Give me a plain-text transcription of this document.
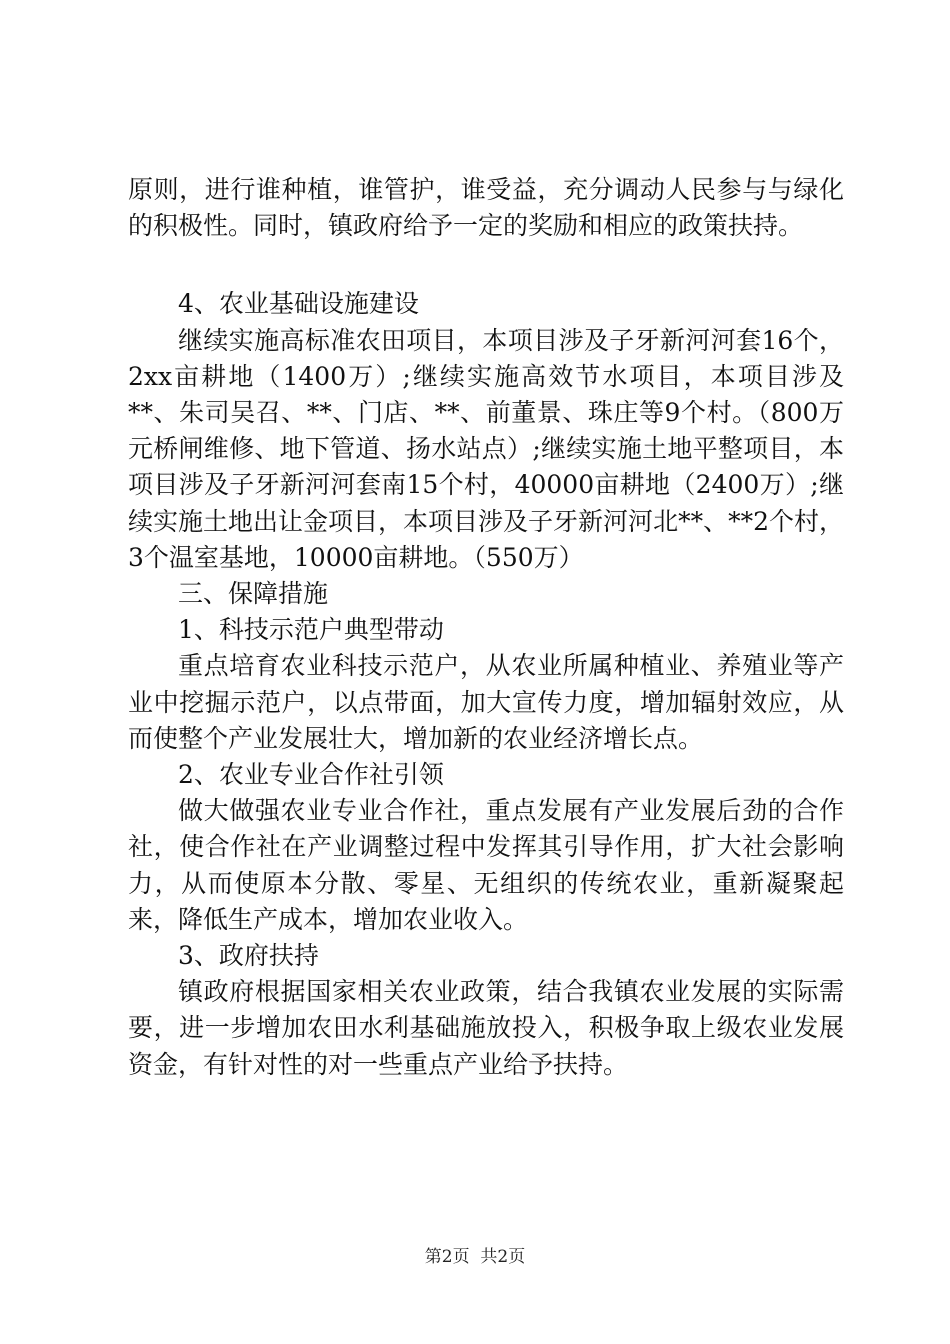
原则，进行谁种植，谁管护，谁受益，充分调动人民参与与绿化的积极性。同时，镇政府给予一定的奖励和相应的政策扶持。

4、农业基础设施建设

继续实施高标准农田项目，本项目涉及子牙新河河套16个，2xx亩耕地（1400万）;继续实施高效节水项目，本项目涉及**、朱司吴召、**、门店、**、前董景、珠庄等9个村。（800万元桥闸维修、地下管道、扬水站点）;继续实施土地平整项目，本项目涉及子牙新河河套南15个村，40000亩耕地（2400万）;继续实施土地出让金项目，本项目涉及子牙新河河北**、**2个村，3个温室基地，10000亩耕地。（550万）

三、保障措施

1、科技示范户典型带动

重点培育农业科技示范户，从农业所属种植业、养殖业等产业中挖掘示范户，以点带面，加大宣传力度，增加辐射效应，从而使整个产业发展壮大，增加新的农业经济增长点。

2、农业专业合作社引领

做大做强农业专业合作社，重点发展有产业发展后劲的合作社，使合作社在产业调整过程中发挥其引导作用，扩大社会影响力，从而使原本分散、零星、无组织的传统农业，重新凝聚起来，降低生产成本，增加农业收入。

3、政府扶持

镇政府根据国家相关农业政策，结合我镇农业发展的实际需要，进一步增加农田水利基础施放投入，积极争取上级农业发展资金，有针对性的对一些重点产业给予扶持。

第2页 共2页
